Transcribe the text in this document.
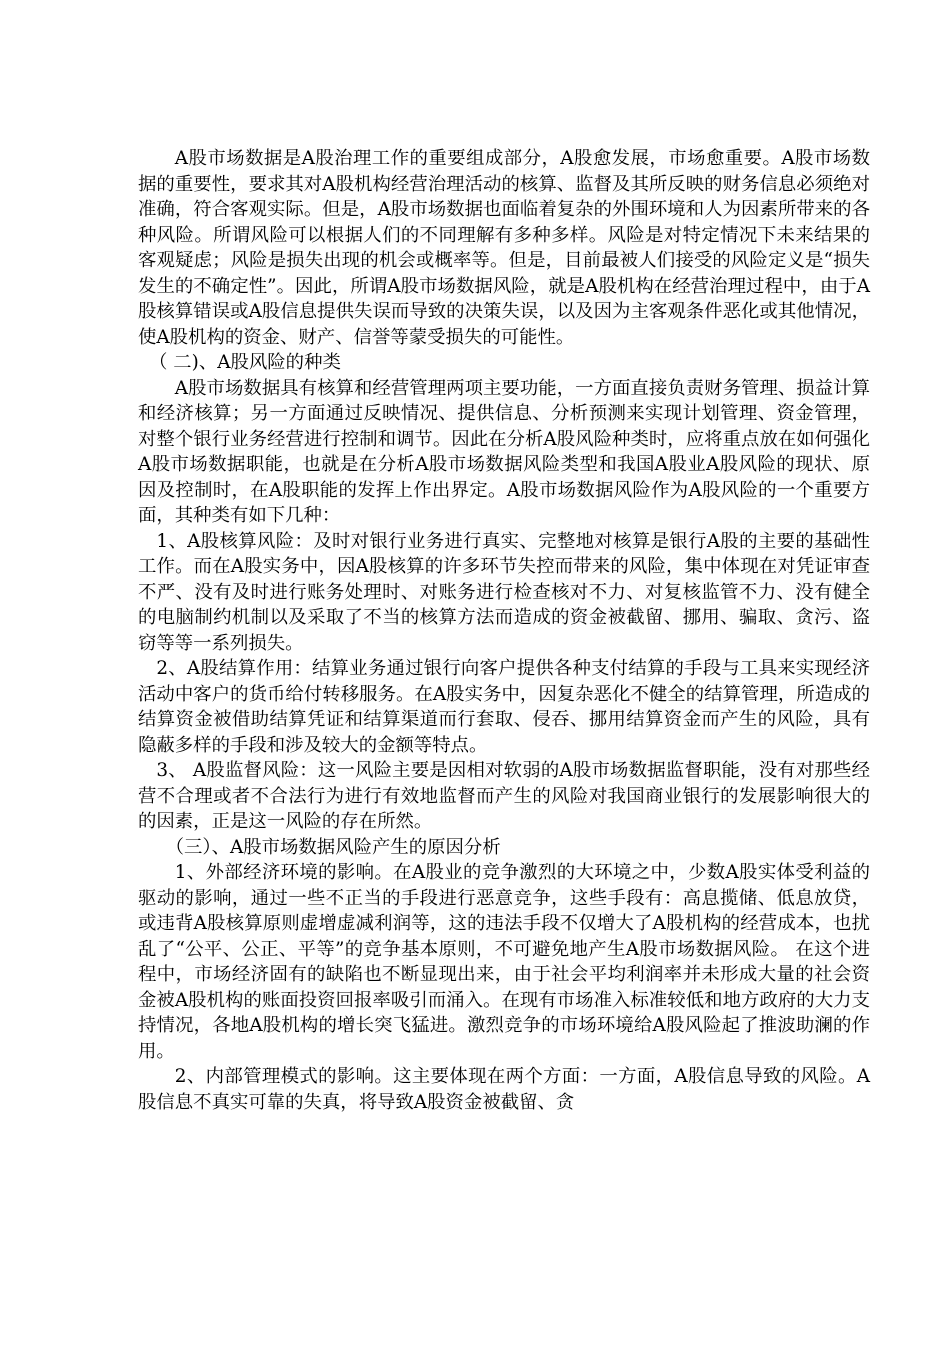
A股市场数据是A股治理工作的重要组成部分，A股愈发展，市场愈重要。A股市场数据的重要性，要求其对A股机构经营治理活动的核算、监督及其所反映的财务信息必须绝对准确，符合客观实际。但是，A股市场数据也面临着复杂的外围环境和人为因素所带来的各种风险。所谓风险可以根据人们的不同理解有多种多样。风险是对特定情况下未来结果的客观疑虑；风险是损失出现的机会或概率等。但是，目前最被人们接受的风险定义是“损失发生的不确定性”。因此，所谓A股市场数据风险，就是A股机构在经营治理过程中，由于A股核算错误或A股信息提供失误而导致的决策失误，以及因为主客观条件恶化或其他情况，使A股机构的资金、财产、信誉等蒙受损失的可能性。

（ 二)、A股风险的种类

A股市场数据具有核算和经营管理两项主要功能，一方面直接负责财务管理、损益计算和经济核算；另一方面通过反映情况、提供信息、分析预测来实现计划管理、资金管理，对整个银行业务经营进行控制和调节。因此在分析A股风险种类时，应将重点放在如何强化A股市场数据职能，也就是在分析A股市场数据风险类型和我国A股业A股风险的现状、原因及控制时，在A股职能的发挥上作出界定。A股市场数据风险作为A股风险的一个重要方面，其种类有如下几种：

1、A股核算风险：及时对银行业务进行真实、完整地对核算是银行A股的主要的基础性工作。而在A股实务中，因A股核算的许多环节失控而带来的风险，集中体现在对凭证审查不严、没有及时进行账务处理时、对账务进行检查核对不力、对复核监管不力、没有健全的电脑制约机制以及采取了不当的核算方法而造成的资金被截留、挪用、骗取、贪污、盗窃等等一系列损失。

2、A股结算作用：结算业务通过银行向客户提供各种支付结算的手段与工具来实现经济活动中客户的货币给付转移服务。在A股实务中，因复杂恶化不健全的结算管理，所造成的结算资金被借助结算凭证和结算渠道而行套取、侵吞、挪用结算资金而产生的风险，具有隐蔽多样的手段和涉及较大的金额等特点。

3、 A股监督风险：这一风险主要是因相对软弱的A股市场数据监督职能，没有对那些经营不合理或者不合法行为进行有效地监督而产生的风险对我国商业银行的发展影响很大的的因素，正是这一风险的存在所然。

（三）、A股市场数据风险产生的原因分析

1、外部经济环境的影响。在A股业的竞争激烈的大环境之中，少数A股实体受利益的驱动的影响，通过一些不正当的手段进行恶意竞争，这些手段有：高息揽储、低息放贷，或违背A股核算原则虚增虚减利润等，这的违法手段不仅增大了A股机构的经营成本，也扰乱了“公平、公正、平等”的竞争基本原则，不可避免地产生A股市场数据风险。 在这个进程中，市场经济固有的缺陷也不断显现出来，由于社会平均利润率并未形成大量的社会资金被A股机构的账面投资回报率吸引而涌入。在现有市场准入标准较低和地方政府的大力支持情况，各地A股机构的增长突飞猛进。激烈竞争的市场环境给A股风险起了推波助澜的作用。

2、内部管理模式的影响。这主要体现在两个方面：一方面，A股信息导致的风险。A股信息不真实可靠的失真，将导致A股资金被截留、贪
